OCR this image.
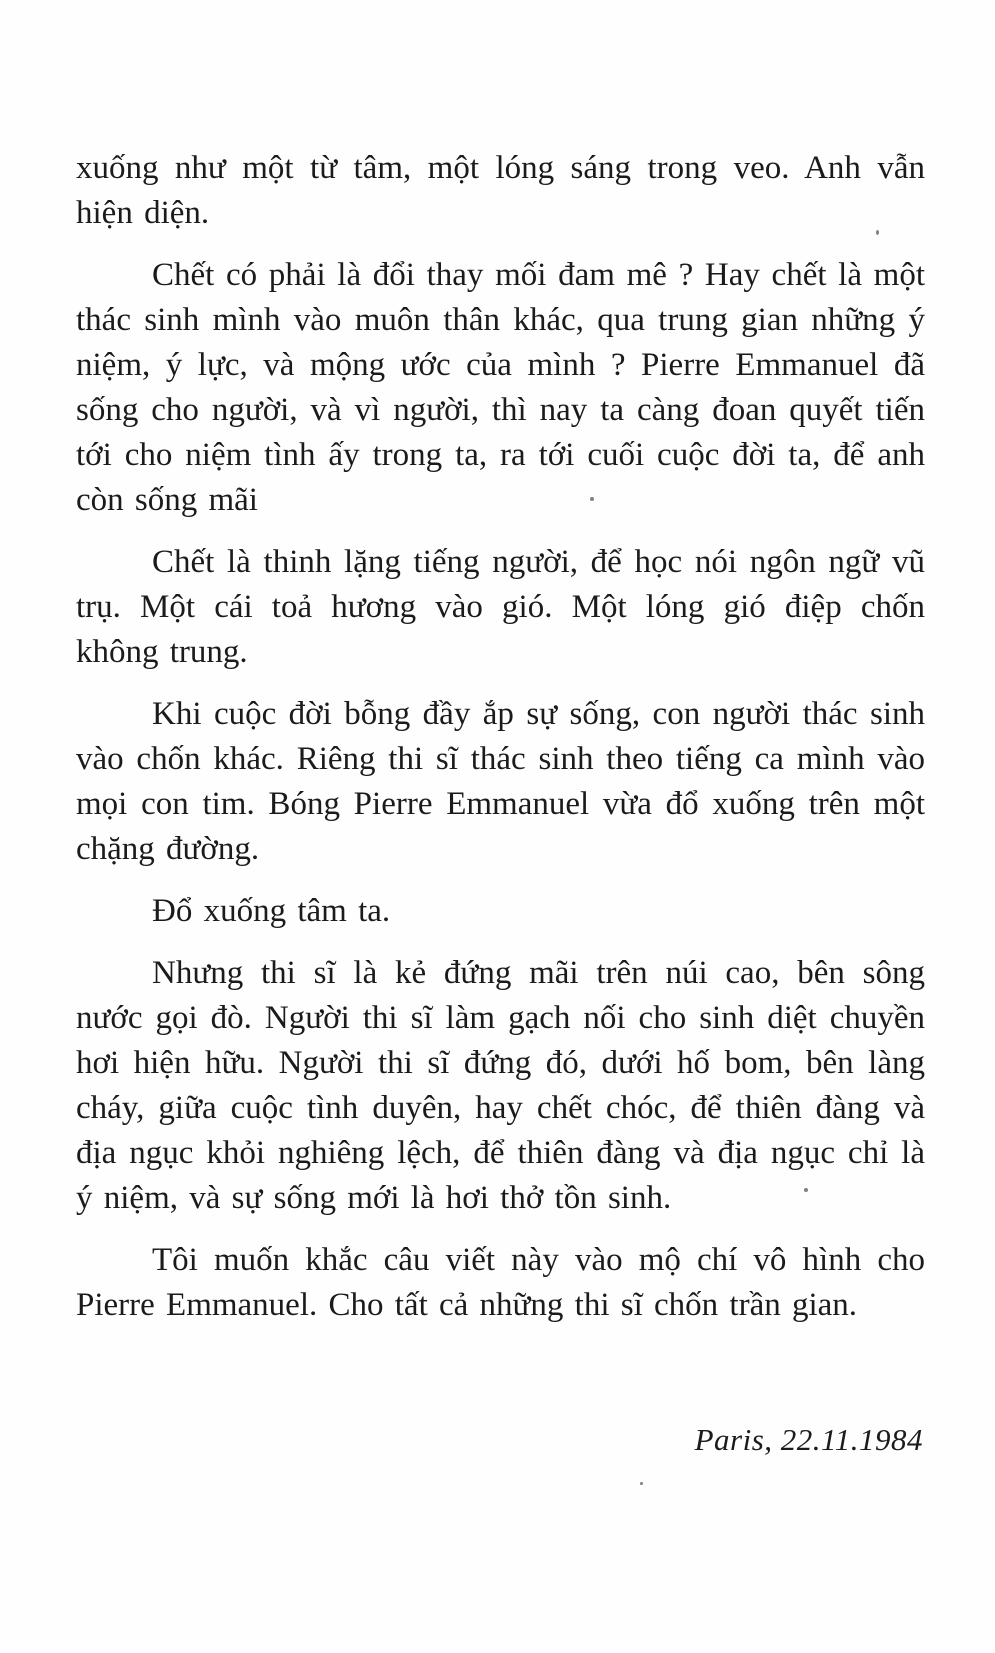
xuống như một từ tâm, một lóng sáng trong veo. Anh vẫn hiện diện.

Chết có phải là đổi thay mối đam mê ? Hay chết là một thác sinh mình vào muôn thân khác, qua trung gian những ý niệm, ý lực, và mộng ước của mình ? Pierre Emmanuel đã sống cho người, và vì người, thì nay ta càng đoan quyết tiến tới cho niệm tình ấy trong ta, ra tới cuối cuộc đời ta, để anh còn sống mãi

Chết là thinh lặng tiếng người, để học nói ngôn ngữ vũ trụ. Một cái toả hương vào gió. Một lóng gió điệp chốn không trung.

Khi cuộc đời bỗng đầy ắp sự sống, con người thác sinh vào chốn khác. Riêng thi sĩ thác sinh theo tiếng ca mình vào mọi con tim. Bóng Pierre Emmanuel vừa đổ xuống trên một chặng đường.

Đổ xuống tâm ta.

Nhưng thi sĩ là kẻ đứng mãi trên núi cao, bên sông nước gọi đò. Người thi sĩ làm gạch nối cho sinh diệt chuyền hơi hiện hữu. Người thi sĩ đứng đó, dưới hố bom, bên làng cháy, giữa cuộc tình duyên, hay chết chóc, để thiên đàng và địa ngục khỏi nghiêng lệch, để thiên đàng và địa ngục chỉ là ý niệm, và sự sống mới là hơi thở tồn sinh.

Tôi muốn khắc câu viết này vào mộ chí vô hình cho Pierre Emmanuel. Cho tất cả những thi sĩ chốn trần gian.

Paris, 22.11.1984
